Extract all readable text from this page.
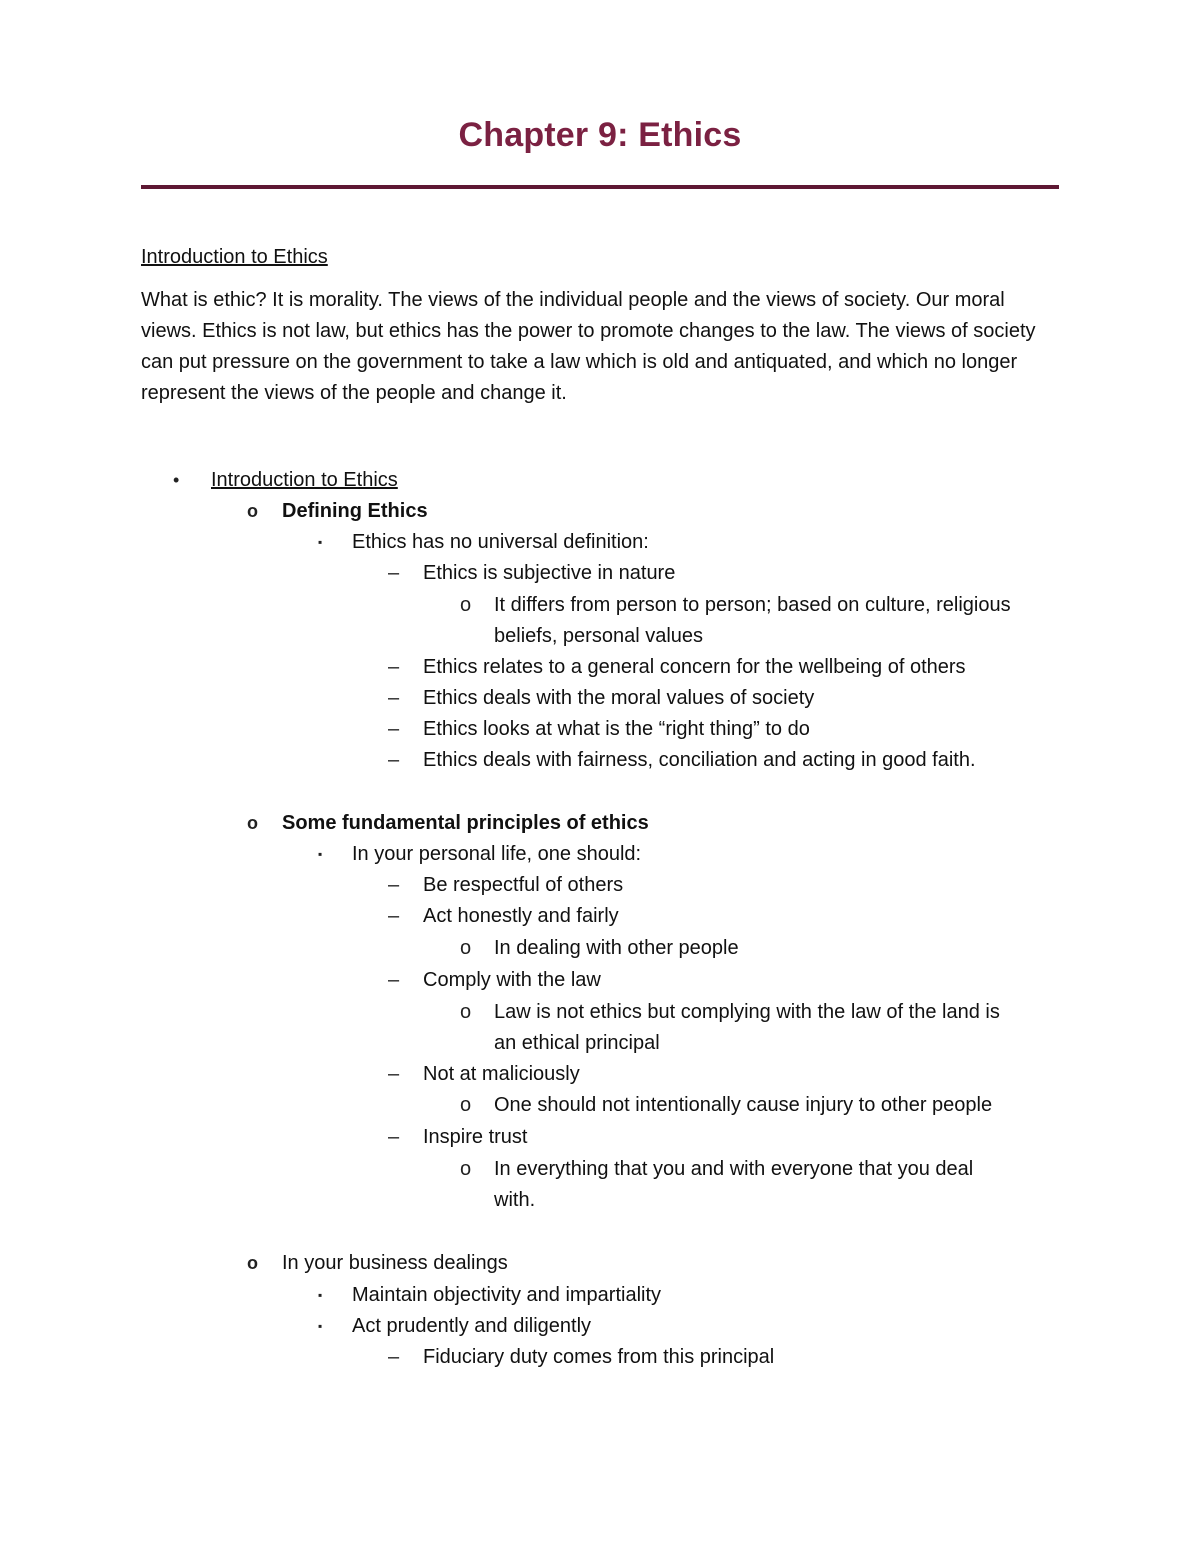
Chapter 9: Ethics
Introduction to Ethics

What is ethic? It is morality. The views of the individual people and the views of society. Our moral views. Ethics is not law, but ethics has the power to promote changes to the law. The views of society can put pressure on the government to take a law which is old and antiquated, and which no longer represent the views of the people and change it.

• Introduction to Ethics
o Defining Ethics
▪ Ethics has no universal definition:
– Ethics is subjective in nature
o It differs from person to person; based on culture, religious
beliefs, personal values
– Ethics relates to a general concern for the wellbeing of others
– Ethics deals with the moral values of society
– Ethics looks at what is the “right thing” to do
– Ethics deals with fairness, conciliation and acting in good faith.
o Some fundamental principles of ethics
▪ In your personal life, one should:
– Be respectful of others
– Act honestly and fairly
o In dealing with other people
– Comply with the law
o Law is not ethics but complying with the law of the land is
an ethical principal
– Not at maliciously
o One should not intentionally cause injury to other people
– Inspire trust
o In everything that you and with everyone that you deal
with.
o In your business dealings
▪ Maintain objectivity and impartiality
▪ Act prudently and diligently
– Fiduciary duty comes from this principal
